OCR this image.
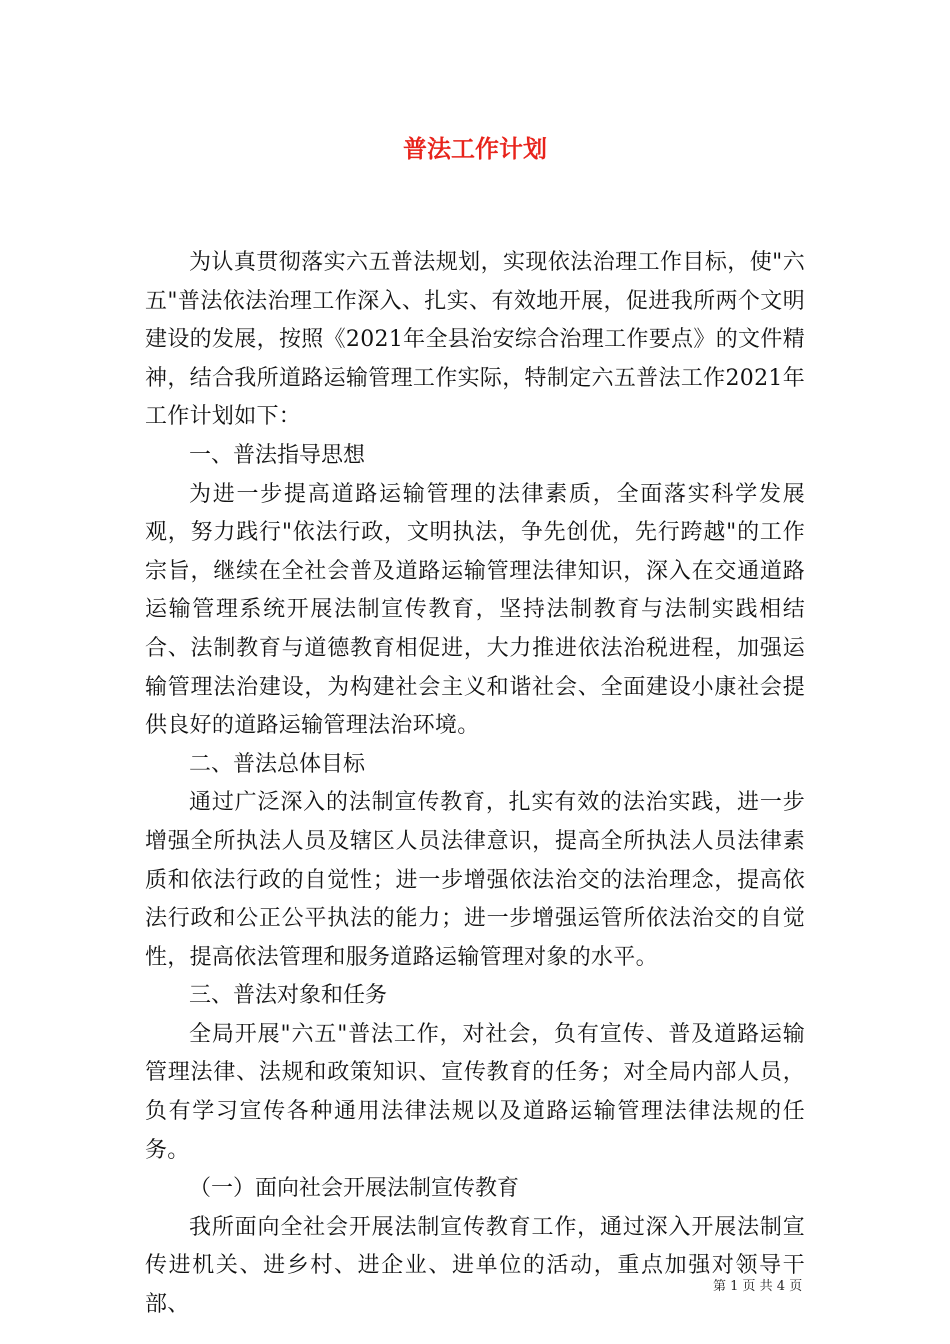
普法工作计划

为认真贯彻落实六五普法规划，实现依法治理工作目标，使"六五"普法依法治理工作深入、扎实、有效地开展，促进我所两个文明建设的发展，按照《2021年全县治安综合治理工作要点》的文件精神，结合我所道路运输管理工作实际，特制定六五普法工作2021年工作计划如下：

一、普法指导思想

为进一步提高道路运输管理的法律素质，全面落实科学发展观，努力践行"依法行政，文明执法，争先创优，先行跨越"的工作宗旨，继续在全社会普及道路运输管理法律知识，深入在交通道路运输管理系统开展法制宣传教育，坚持法制教育与法制实践相结合、法制教育与道德教育相促进，大力推进依法治税进程，加强运输管理法治建设，为构建社会主义和谐社会、全面建设小康社会提供良好的道路运输管理法治环境。

二、普法总体目标

通过广泛深入的法制宣传教育，扎实有效的法治实践，进一步增强全所执法人员及辖区人员法律意识，提高全所执法人员法律素质和依法行政的自觉性；进一步增强依法治交的法治理念，提高依法行政和公正公平执法的能力；进一步增强运管所依法治交的自觉性，提高依法管理和服务道路运输管理对象的水平。

三、普法对象和任务

全局开展"六五"普法工作，对社会，负有宣传、普及道路运输管理法律、法规和政策知识、宣传教育的任务；对全局内部人员，负有学习宣传各种通用法律法规以及道路运输管理法律法规的任务。

（一）面向社会开展法制宣传教育

我所面向全社会开展法制宣传教育工作，通过深入开展法制宣传进机关、进乡村、进企业、进单位的活动，重点加强对领导干部、

第 1 页 共 4 页
